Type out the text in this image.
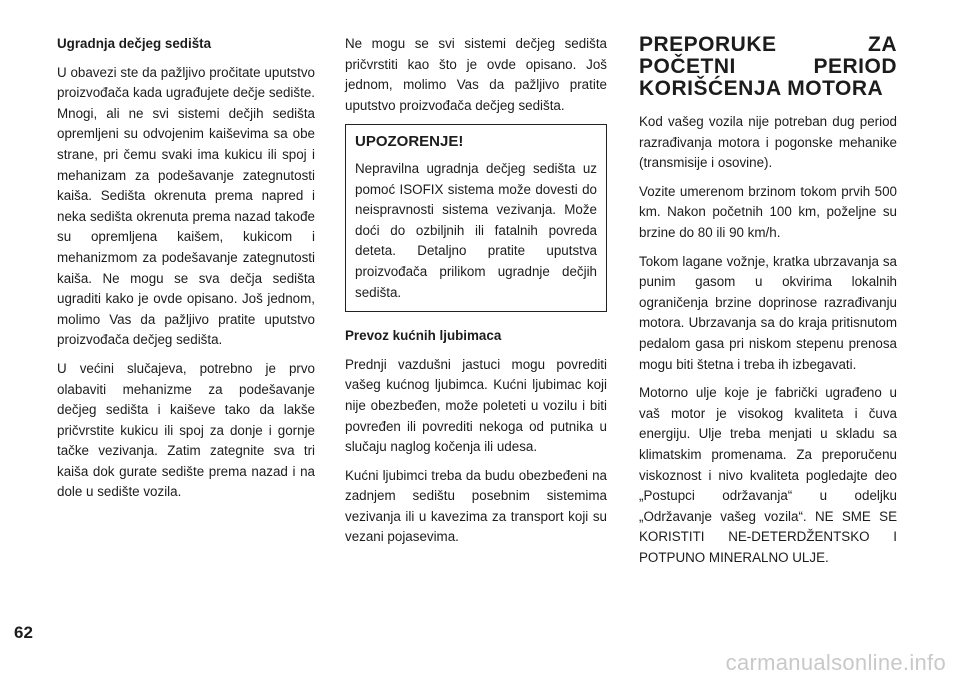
Ugradnja dečjeg sedišta

U obavezi ste da pažljivo pročitate uputstvo proizvođača kada ugrađujete dečje sedište. Mnogi, ali ne svi sistemi dečjih sedišta opremljeni su odvojenim kaiševima sa obe strane, pri čemu svaki ima kukicu ili spoj i mehanizam za podešavanje zategnutosti kaiša. Sedišta okrenuta prema napred i neka sedišta okrenuta prema nazad takođe su opremljena kaišem, kukicom i mehanizmom za podešavanje zategnutosti kaiša. Ne mogu se sva dečja sedišta ugraditi kako je ovde opisano. Još jednom, molimo Vas da pažljivo pratite uputstvo proizvođača dečjeg sedišta.

U većini slučajeva, potrebno je prvo olabaviti mehanizme za podešavanje dečjeg sedišta i kaiševe tako da lakše pričvrstite kukicu ili spoj za donje i gornje tačke vezivanja. Zatim zategnite sva tri kaiša dok gurate sedište prema nazad i na dole u sedište vozila.

Ne mogu se svi sistemi dečjeg sedišta pričvrstiti kao što je ovde opisano. Još jednom, molimo Vas da pažljivo pratite uputstvo proizvođača dečjeg sedišta.

UPOZORENJE!

Nepravilna ugradnja dečjeg sedišta uz pomoć ISOFIX sistema može dovesti do neispravnosti sistema vezivanja. Može doći do ozbiljnih ili fatalnih povreda deteta. Detaljno pratite uputstva proizvođača prilikom ugradnje dečjih sedišta.

Prevoz kućnih ljubimaca

Prednji vazdušni jastuci mogu povrediti vašeg kućnog ljubimca. Kućni ljubimac koji nije obezbeđen, može poleteti u vozilu i biti povređen ili povrediti nekoga od putnika u slučaju naglog kočenja ili udesa.

Kućni ljubimci treba da budu obezbeđeni na zadnjem sedištu posebnim sistemima vezivanja ili u kavezima za transport koji su vezani pojasevima.

PREPORUKE ZA POČETNI PERIOD KORIŠĆENJA MOTORA

Kod vašeg vozila nije potreban dug period razrađivanja motora i pogonske mehanike (transmisije i osovine).

Vozite umerenom brzinom tokom prvih 500 km. Nakon početnih 100 km, poželjne su brzine do 80 ili 90 km/h.

Tokom lagane vožnje, kratka ubrzavanja sa punim gasom u okvirima lokalnih ograničenja brzine doprinose razrađivanju motora. Ubrzavanja sa do kraja pritisnutom pedalom gasa pri niskom stepenu prenosa mogu biti štetna i treba ih izbegavati.

Motorno ulje koje je fabrički ugrađeno u vaš motor je visokog kvaliteta i čuva energiju. Ulje treba menjati u skladu sa klimatskim promenama. Za preporučenu viskoznost i nivo kvaliteta pogledajte deo „Postupci održavanja“ u odeljku „Održavanje vašeg vozila“. NE SME SE KORISTITI NE-DETERDŽENTSKO I POTPUNO MINERALNO ULJE.

62
carmanualsonline.info
